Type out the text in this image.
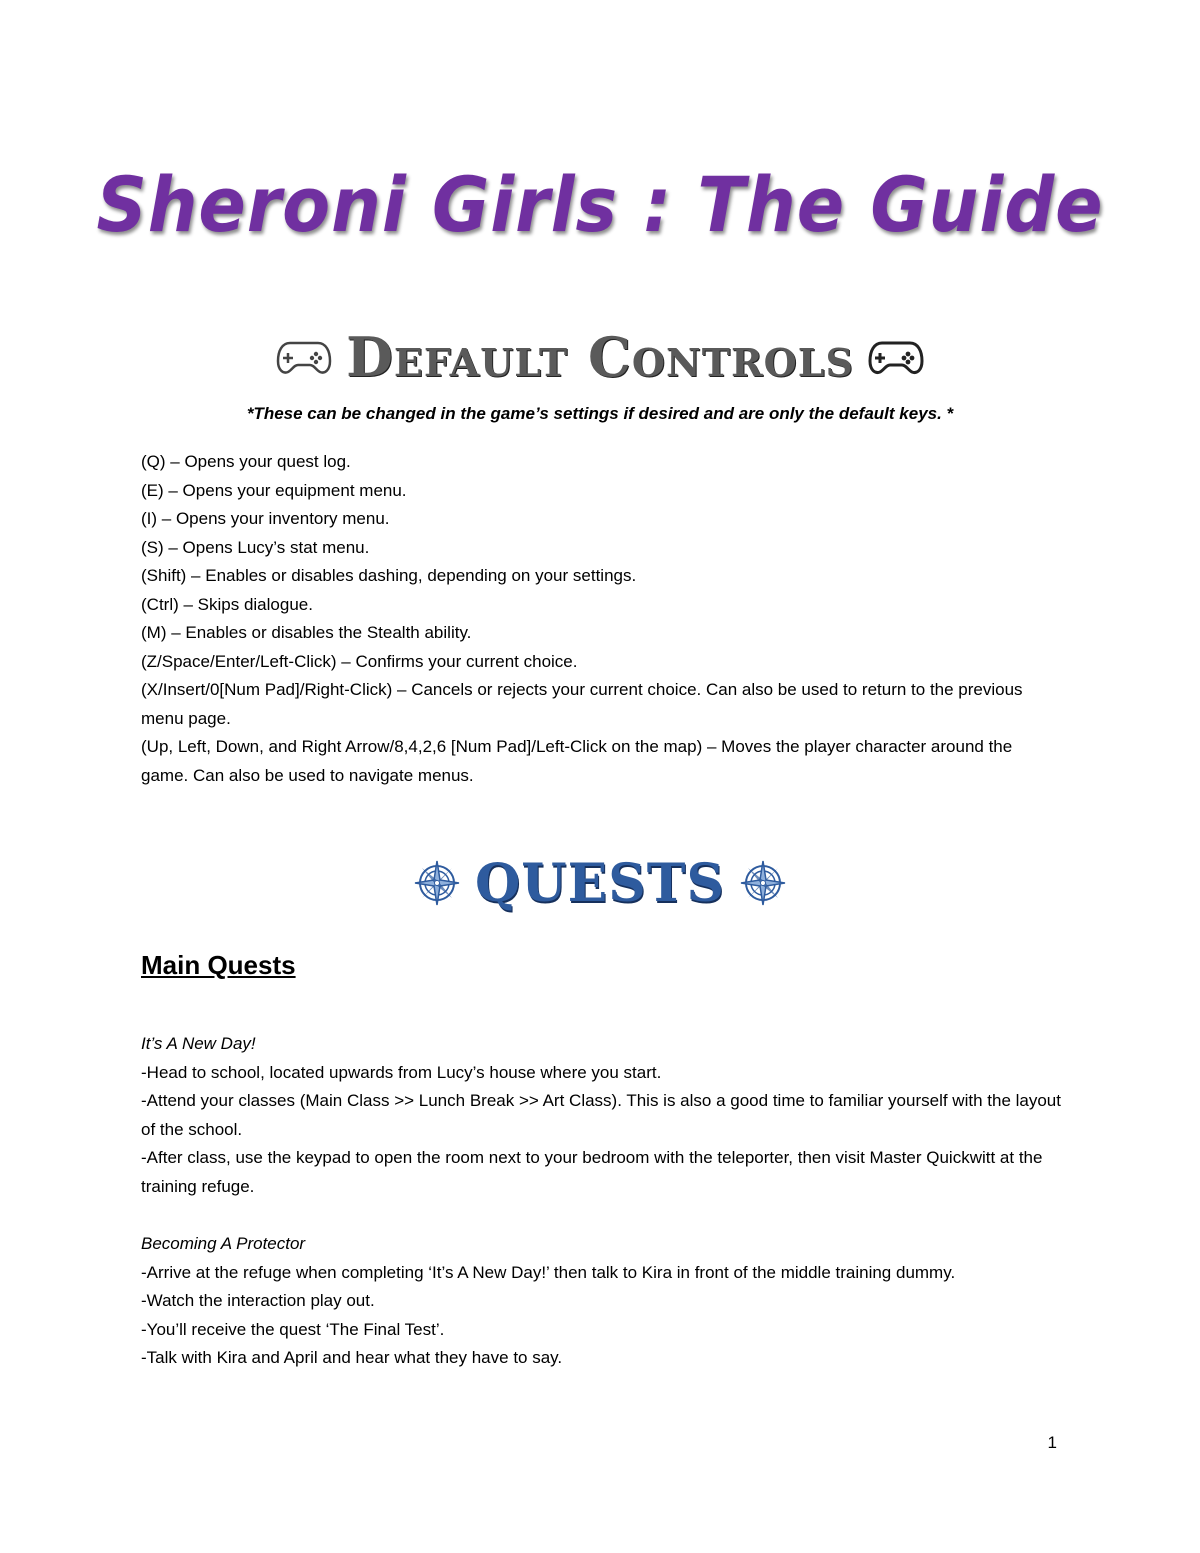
Sheroni Girls : The Guide
Default Controls
*These can be changed in the game’s settings if desired and are only the default keys. *
(Q) – Opens your quest log.
(E) – Opens your equipment menu.
(I) – Opens your inventory menu.
(S) – Opens Lucy’s stat menu.
(Shift) – Enables or disables dashing, depending on your settings.
(Ctrl) – Skips dialogue.
(M) – Enables or disables the Stealth ability.
(Z/Space/Enter/Left-Click) – Confirms your current choice.
(X/Insert/0[Num Pad]/Right-Click) – Cancels or rejects your current choice. Can also be used to return to the previous menu page.
(Up, Left, Down, and Right Arrow/8,4,2,6 [Num Pad]/Left-Click on the map) – Moves the player character around the game. Can also be used to navigate menus.
QUESTS
Main Quests
It’s A New Day!
-Head to school, located upwards from Lucy’s house where you start.
-Attend your classes (Main Class >> Lunch Break >> Art Class). This is also a good time to familiar yourself with the layout of the school.
-After class, use the keypad to open the room next to your bedroom with the teleporter, then visit Master Quickwitt at the training refuge.
Becoming A Protector
-Arrive at the refuge when completing ‘It’s A New Day!’ then talk to Kira in front of the middle training dummy.
-Watch the interaction play out.
-You’ll receive the quest ‘The Final Test’.
-Talk with Kira and April and hear what they have to say.
1
